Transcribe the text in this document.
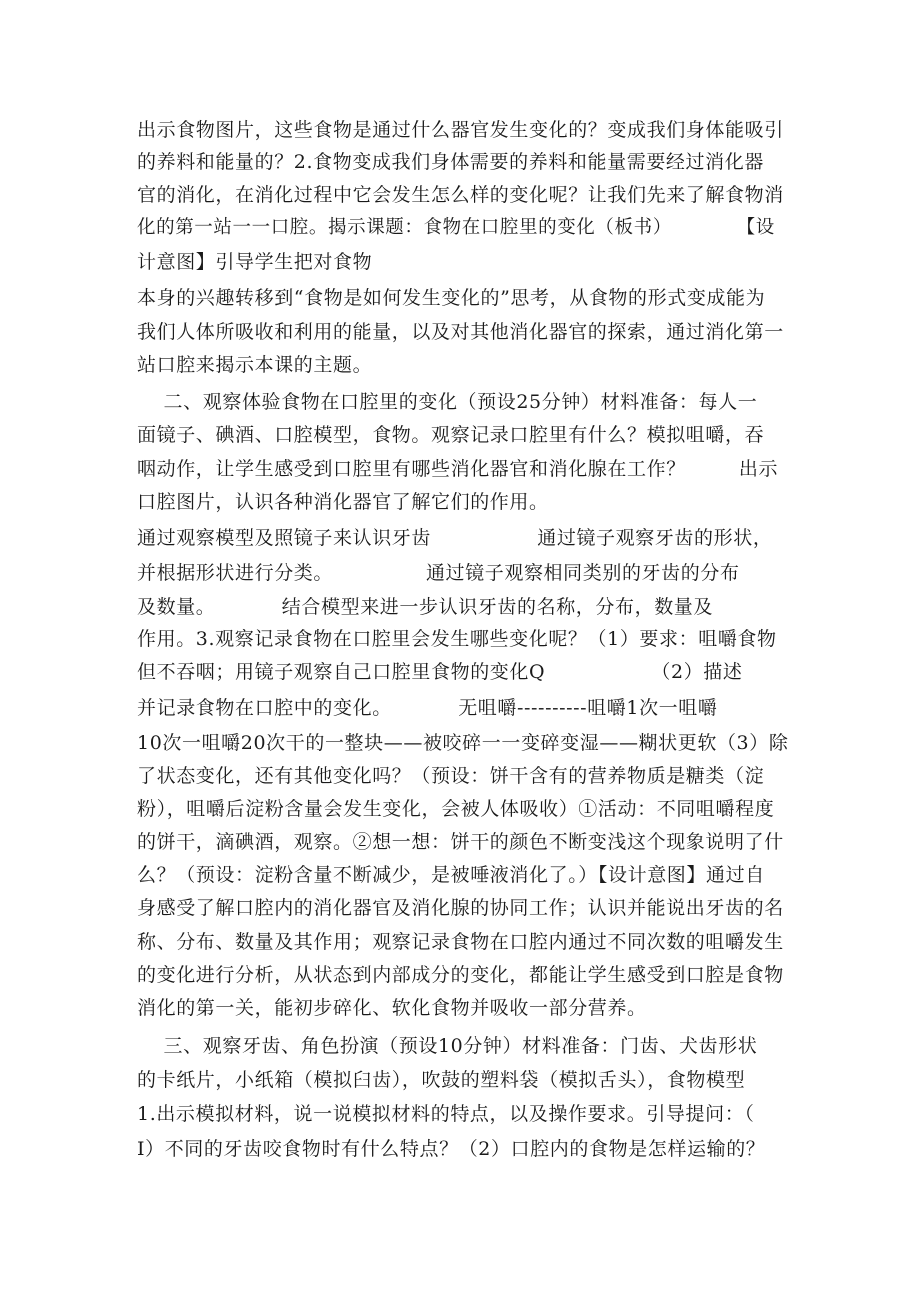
出示食物图片，这些食物是通过什么器官发生变化的？变成我们身体能吸引
的养料和能量的？2.食物变成我们身体需要的养料和能量需要经过消化器
官的消化，在消化过程中它会发生怎么样的变化呢？让我们先来了解食物消
化的第一站一一口腔。揭示课题：食物在口腔里的变化（板书）          【设
计意图】引导学生把对食物
本身的兴趣转移到“食物是如何发生变化的”思考，从食物的形式变成能为
我们人体所吸收和利用的能量，以及对其他消化器官的探索，通过消化第一
站口腔来揭示本课的主题。
二、观察体验食物在口腔里的变化（预设25分钟）材料准备：每人一
面镜子、碘酒、口腔模型，食物。观察记录口腔里有什么？模拟咀嚼，吞
咽动作，让学生感受到口腔里有哪些消化器官和消化腺在工作？        出示
口腔图片，认识各种消化器官了解它们的作用。
通过观察模型及照镜子来认识牙齿                通过镜子观察牙齿的形状，
并根据形状进行分类。              通过镜子观察相同类别的牙齿的分布
及数量。          结合模型来进一步认识牙齿的名称，分布，数量及
作用。3.观察记录食物在口腔里会发生哪些变化呢？（1）要求：咀嚼食物
但不吞咽；用镜子观察自己口腔里食物的变化Q                （2）描述
并记录食物在口腔中的变化。          无咀嚼----------咀嚼1次一咀嚼
10次一咀嚼20次干的一整块——被咬碎一一变碎变湿——糊状更软（3）除
了状态变化，还有其他变化吗？（预设：饼干含有的营养物质是糖类（淀
粉），咀嚼后淀粉含量会发生变化，会被人体吸收）①活动：不同咀嚼程度
的饼干，滴碘酒，观察。②想一想：饼干的颜色不断变浅这个现象说明了什
么？（预设：淀粉含量不断减少，是被唾液消化了。）【设计意图】通过自
身感受了解口腔内的消化器官及消化腺的协同工作；认识并能说出牙齿的名
称、分布、数量及其作用；观察记录食物在口腔内通过不同次数的咀嚼发生
的变化进行分析，从状态到内部成分的变化，都能让学生感受到口腔是食物
消化的第一关，能初步碎化、软化食物并吸收一部分营养。
三、观察牙齿、角色扮演（预设10分钟）材料准备：门齿、犬齿形状
的卡纸片，小纸箱（模拟臼齿），吹鼓的塑料袋（模拟舌头），食物模型
1.出示模拟材料，说一说模拟材料的特点，以及操作要求。引导提问：（
I）不同的牙齿咬食物时有什么特点？（2）口腔内的食物是怎样运输的？
